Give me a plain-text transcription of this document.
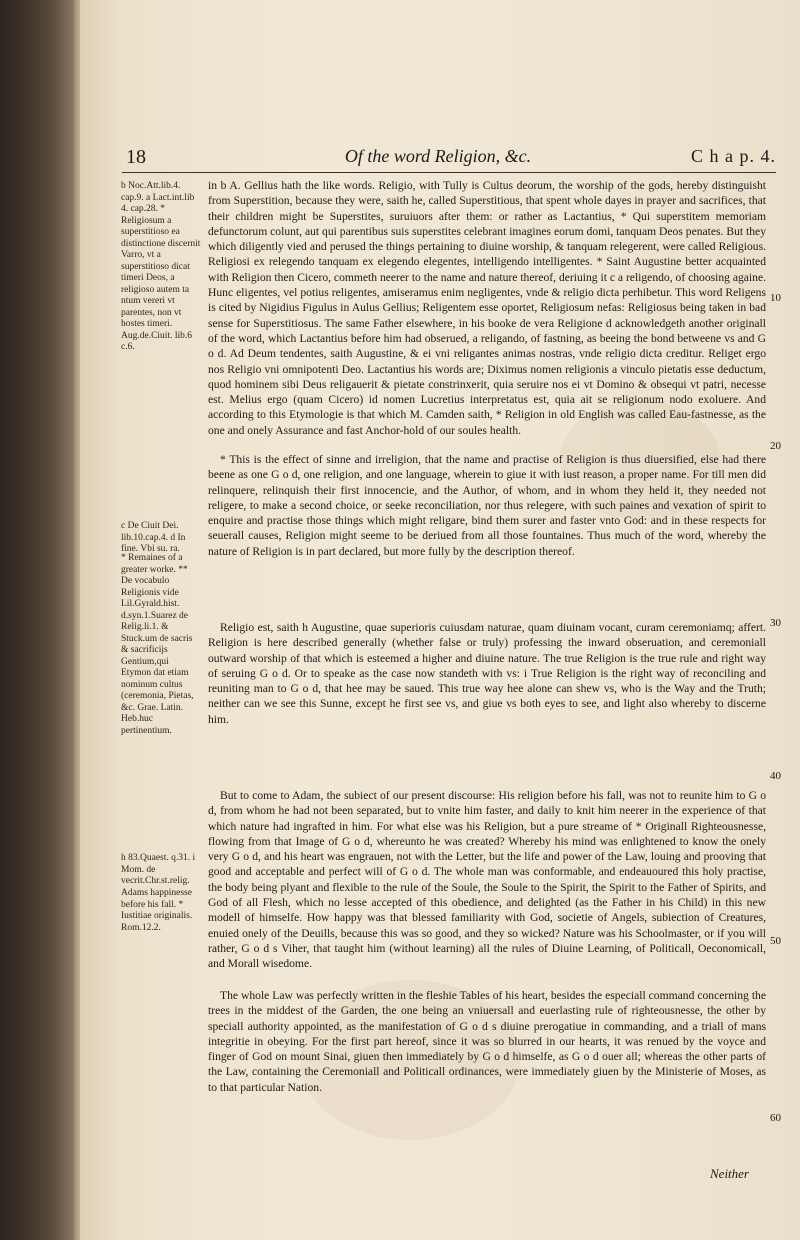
18	Of the word Religion, &c.	C h a p. 4.

b Noc.Att.lib.4. cap.9. a Lact.int.lib 4. cap.28. * Religiosum a superstitioso ea distinctione discernit Varro, vt a superstitioso dicat timeri Deos, a religioso autem ta ntum vereri vt parentes, non vt hostes timeri. Aug.de.Ciuit. lib.6 c.6.

c De Ciuit Dei. lib.10.cap.4. d In fine. Vbi su. ra.

* Remaines of a greater worke. ** De vocabulo Religionis vide Lil.Gyrald.hist. d.syn.1.Suarez de Relig.li.1. & Stuck.um de sacris & sacrificijs Gentium,qui Etymon dat etiam nominum cultus (ceremonia, Pietas, &c. Grae. Latin. Heb.huc pertinentium.

h 83.Quaest. q.31. i Mom. de vecrit.Chr.st.relig.

Adams happinesse before his fall. * Iustitiae originalis. Rom.12.2.

in b A. Gellius hath the like words. Religio, with Tully is Cultus deorum, the worship of the gods, hereby distinguisht from Superstition, because they were, saith he, called Superstitious, that spent whole dayes in prayer and sacrifices, that their children might be Superstites, suruiuors after them: or rather as Lactantius, * Qui superstitem memoriam defunctorum colunt, aut qui parentibus suis superstites celebrant imagines eorum domi, tanquam Deos penates. But they which diligently vied and perused the things pertaining to diuine worship, & tanquam relegerent, were called Religious. Religiosi ex relegendo tanquam ex elegendo elegentes, intelligendo intelligentes. * Saint Augustine better acquainted with Religion then Cicero, commeth neerer to the name and nature thereof, deriuing it c a religendo, of choosing againe. Hunc eligentes, vel potius religentes, amiseramus enim negligentes, vnde & religio dicta perhibetur. This word Religens is cited by Nigidius Figulus in Aulus Gellius; Religentem esse oportet, Religiosum nefas: Religiosus being taken in bad sense for Superstitiosus. The same Father elsewhere, in his booke de vera Religione d acknowledgeth another originall of the word, which Lactantius before him had obserued, a religando, of fastning, as beeing the bond betweene vs and G o d. Ad Deum tendentes, saith Augustine, & ei vni religantes animas nostras, vnde religio dicta creditur. Religet ergo nos Religio vni omnipotenti Deo. Lactantius his words are; Diximus nomen religionis a vinculo pietatis esse deductum, quod hominem sibi Deus religauerit & pietate constrinxerit, quia seruire nos ei vt Domino & obsequi vt patri, necesse est. Melius ergo (quam Cicero) id nomen Lucretius interpretatus est, quia ait se religionum nodo exoluere. And according to this Etymologie is that which M. Camden saith, * Religion in old English was called Eau-fastnesse, as the one and onely Assurance and fast Anchor-hold of our soules health.

* This is the effect of sinne and irreligion, that the name and practise of Religion is thus diuersified, else had there beene as one G o d, one religion, and one language, wherein to giue it with iust reason, a proper name. For till men did relinquere, relinquish their first innocencie, and the Author, of whom, and in whom they held it, they needed not religere, to make a second choice, or seeke reconciliation, nor thus relegere, with such paines and vexation of spirit to enquire and practise those things which might religare, bind them surer and faster vnto God: and in these respects for seuerall causes, Religion might seeme to be deriued from all those fountaines. Thus much of the word, whereby the nature of Religion is in part declared, but more fully by the description thereof.

Religio est, saith h Augustine, quae superioris cuiusdam naturae, quam diuinam vocant, curam ceremoniamq; affert. Religion is here described generally (whether false or truly) professing the inward obseruation, and ceremoniall outward worship of that which is esteemed a higher and diuine nature. The true Religion is the true rule and right way of seruing G o d. Or to speake as the case now standeth with vs: i True Religion is the right way of reconciling and reuniting man to G o d, that hee may be saued. This true way hee alone can shew vs, who is the Way and the Truth; neither can we see this Sunne, except he first see vs, and giue vs both eyes to see, and light also whereby to discerne him.

But to come to Adam, the subiect of our present discourse: His religion before his fall, was not to reunite him to G o d, from whom he had not been separated, but to vnite him faster, and daily to knit him neerer in the experience of that which nature had ingrafted in him. For what else was his Religion, but a pure streame of * Originall Righteousnesse, flowing from that Image of G o d, whereunto he was created? Whereby his mind was enlightened to know the onely very G o d, and his heart was engrauen, not with the Letter, but the life and power of the Law, louing and prooving that good and acceptable and perfect will of G o d. The whole man was conformable, and endeauoured this holy practise, the body being plyant and flexible to the rule of the Soule, the Soule to the Spirit, the Spirit to the Father of Spirits, and God of all Flesh, which no lesse accepted of this obedience, and delighted (as the Father in his Child) in this new modell of himselfe. How happy was that blessed familiarity with God, societie of Angels, subiection of Creatures, enuied onely of the Deuills, because this was so good, and they so wicked? Nature was his Schoolmaster, or if you will rather, G o d s Viher, that taught him (without learning) all the rules of Diuine Learning, of Politicall, Oeconomicall, and Morall wisedome.

The whole Law was perfectly written in the fleshie Tables of his heart, besides the especiall command concerning the trees in the middest of the Garden, the one being an vniuersall and euerlasting rule of righteousnesse, the other by speciall authority appointed, as the manifestation of G o d s diuine prerogatiue in commanding, and a triall of mans integritie in obeying. For the first part hereof, since it was so blurred in our hearts, it was renued by the voyce and finger of God on mount Sinai, giuen then immediately by G o d himselfe, as G o d ouer all; whereas the other parts of the Law, containing the Ceremoniall and Politicall ordinances, were immediately giuen by the Ministerie of Moses, as to that particular Nation.

10
20
30
40
50
60
Neither
